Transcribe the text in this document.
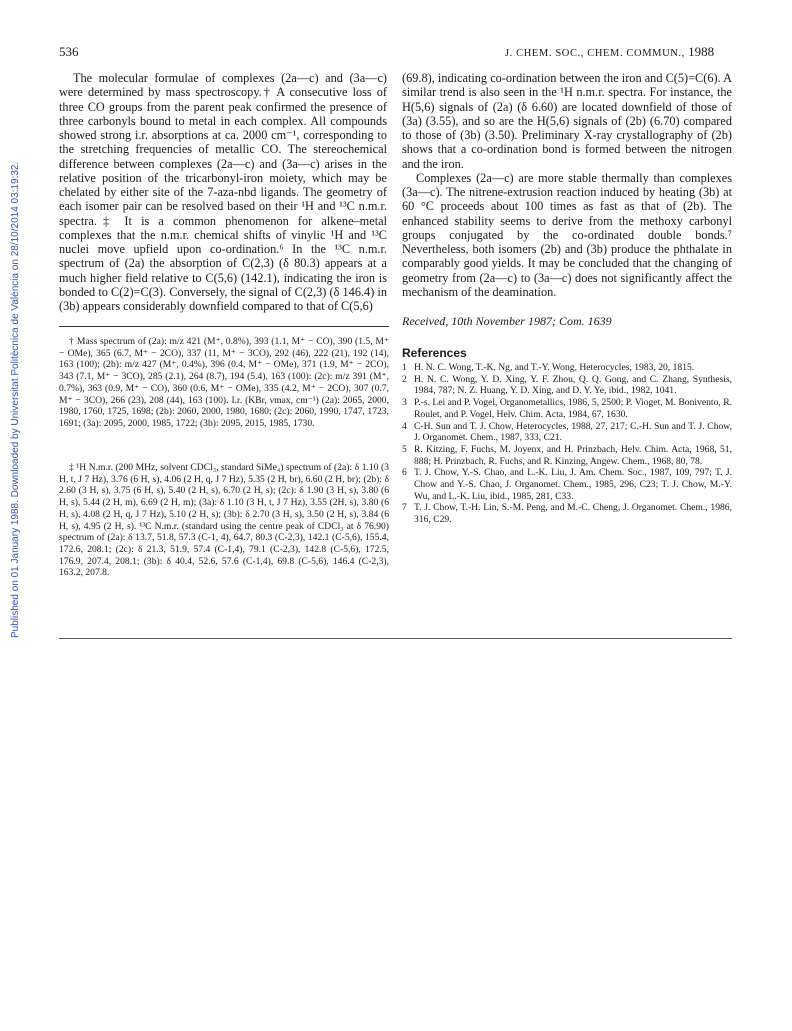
Published on 01 January 1988. Downloaded by Universitat Politècnica de València on 28/10/2014 03:19:32.
536	J. CHEM. SOC., CHEM. COMMUN., 1988

The molecular formulae of complexes (2a—c) and (3a—c) were determined by mass spectroscopy.† A consecutive loss of three CO groups from the parent peak confirmed the presence of three carbonyls bound to metal in each complex. All compounds showed strong i.r. absorptions at ca. 2000 cm⁻¹, corresponding to the stretching frequencies of metallic CO. The stereochemical difference between complexes (2a—c) and (3a—c) arises in the relative position of the tricarbonyl-iron moiety, which may be chelated by either site of the 7-aza-nbd ligands. The geometry of each isomer pair can be resolved based on their ¹H and ¹³C n.m.r. spectra.‡ It is a common phenomenon for alkene–metal complexes that the n.m.r. chemical shifts of vinylic ¹H and ¹³C nuclei move upfield upon co-ordination.⁶ In the ¹³C n.m.r. spectrum of (2a) the absorption of C(2,3) (δ 80.3) appears at a much higher field relative to C(5,6) (142.1), indicating the iron is bonded to C(2)=C(3). Conversely, the signal of C(2,3) (δ 146.4) in (3b) appears considerably downfield compared to that of C(5,6)

† Mass spectrum of (2a): m/z 421 (M⁺, 0.8%), 393 (1.1, M⁺ − CO), 390 (1.5, M⁺ − OMe), 365 (6.7, M⁺ − 2CO), 337 (11, M⁺ − 3CO), 292 (46), 222 (21), 192 (14), 163 (100); (2b): m/z 427 (M⁺, 0.4%), 396 (0.4, M⁺ − OMe), 371 (1.9, M⁺ − 2CO), 343 (7.1, M⁺ − 3CO), 285 (2.1), 264 (8.7), 194 (5.4), 163 (100): (2c): m/z 391 (M⁺, 0.7%), 363 (0.9, M⁺ − CO), 360 (0.6, M⁺ − OMe), 335 (4.2, M⁺ − 2CO), 307 (0.7, M⁺ − 3CO), 266 (23), 208 (44), 163 (100). I.r. (KBr, νmax, cm⁻¹) (2a): 2065, 2000, 1980, 1760, 1725, 1698; (2b): 2060, 2000, 1980, 1680; (2c): 2060, 1990, 1747, 1723, 1691; (3a): 2095, 2000, 1985, 1722; (3b): 2095, 2015, 1985, 1730.

‡ ¹H N.m.r. (200 MHz, solvent CDCl₃, standard SiMe₄) spectrum of (2a): δ 1.10 (3 H, t, J 7 Hz), 3.76 (6 H, s), 4.06 (2 H, q, J 7 Hz), 5.35 (2 H, br), 6.60 (2 H, br); (2b): δ 2.60 (3 H, s), 3.75 (6 H, s), 5.40 (2 H, s), 6.70 (2 H, s); (2c): δ 1.90 (3 H, s), 3.80 (6 H, s), 5.44 (2 H, m), 6.69 (2 H, m); (3a): δ 1.10 (3 H, t, J 7 Hz), 3.55 (2H, s), 3.80 (6 H, s), 4.08 (2 H, q, J 7 Hz), 5.10 (2 H, s); (3b): δ 2.70 (3 H, s), 3.50 (2 H, s), 3.84 (6 H, s), 4.95 (2 H, s). ¹³C N.m.r. (standard using the centre peak of CDCl₃ at δ 76.90) spectrum of (2a): δ 13.7, 51.8, 57.3 (C-1, 4), 64.7, 80.3 (C-2,3), 142.1 (C-5,6), 155.4, 172.6, 208.1; (2c): δ 21.3, 51.9, 57.4 (C-1,4), 79.1 (C-2,3), 142.8 (C-5,6), 172.5, 176.9, 207.4, 208.1; (3b): δ 40.4, 52.6, 57.6 (C-1,4), 69.8 (C-5,6), 146.4 (C-2,3), 163.2, 207.8.

(69.8), indicating co-ordination between the iron and C(5)=C(6). A similar trend is also seen in the ¹H n.m.r. spectra. For instance, the H(5,6) signals of (2a) (δ 6.60) are located downfield of those of (3a) (3.55), and so are the H(5,6) signals of (2b) (6.70) compared to those of (3b) (3.50). Preliminary X-ray crystallography of (2b) shows that a co-ordination bond is formed between the nitrogen and the iron.

Complexes (2a—c) are more stable thermally than complexes (3a—c). The nitrene-extrusion reaction induced by heating (3b) at 60 °C proceeds about 100 times as fast as that of (2b). The enhanced stability seems to derive from the methoxy carbonyl groups conjugated by the co-ordinated double bonds.⁷ Nevertheless, both isomers (2b) and (3b) produce the phthalate in comparably good yields. It may be concluded that the changing of geometry from (2a—c) to (3a—c) does not significantly affect the mechanism of the deamination.

Received, 10th November 1987; Com. 1639
References
1 H. N. C. Wong, T.-K. Ng, and T.-Y. Wong, Heterocycles, 1983, 20, 1815.
2 H. N. C. Wong, Y. D. Xing, Y. F. Zhou, Q. Q. Gong, and C. Zhang, Synthesis, 1984, 787; N. Z. Huang, Y. D. Xing, and D. Y. Ye, ibid., 1982, 1041.
3 P.-s. Lei and P. Vogel, Organometallics, 1986, 5, 2500; P. Vioget, M. Bonivento, R. Roulet, and P. Vogel, Helv. Chim. Acta, 1984, 67, 1630.
4 C-H. Sun and T. J. Chow, Heterocycles, 1988, 27, 217; C.-H. Sun and T. J. Chow, J. Organomet. Chem., 1987, 333, C21.
5 R. Kitzing, F. Fuchs, M. Joyenx, and H. Prinzbach, Helv. Chim. Acta, 1968, 51, 888; H. Prinzbach, R. Fuchs, and R. Kinzing, Angew. Chem., 1968, 80, 78.
6 T. J. Chow, Y.-S. Chao, and L.-K. Liu, J. Am. Chem. Soc., 1987, 109, 797; T. J. Chow and Y.-S. Chao, J. Organomet. Chem., 1985, 296, C23; T. J. Chow, M.-Y. Wu, and L.-K. Liu, ibid., 1985, 281, C33.
7 T. J. Chow, T.-H. Lin, S.-M. Peng, and M.-C. Cheng, J. Organomet. Chem., 1986, 316, C29.
